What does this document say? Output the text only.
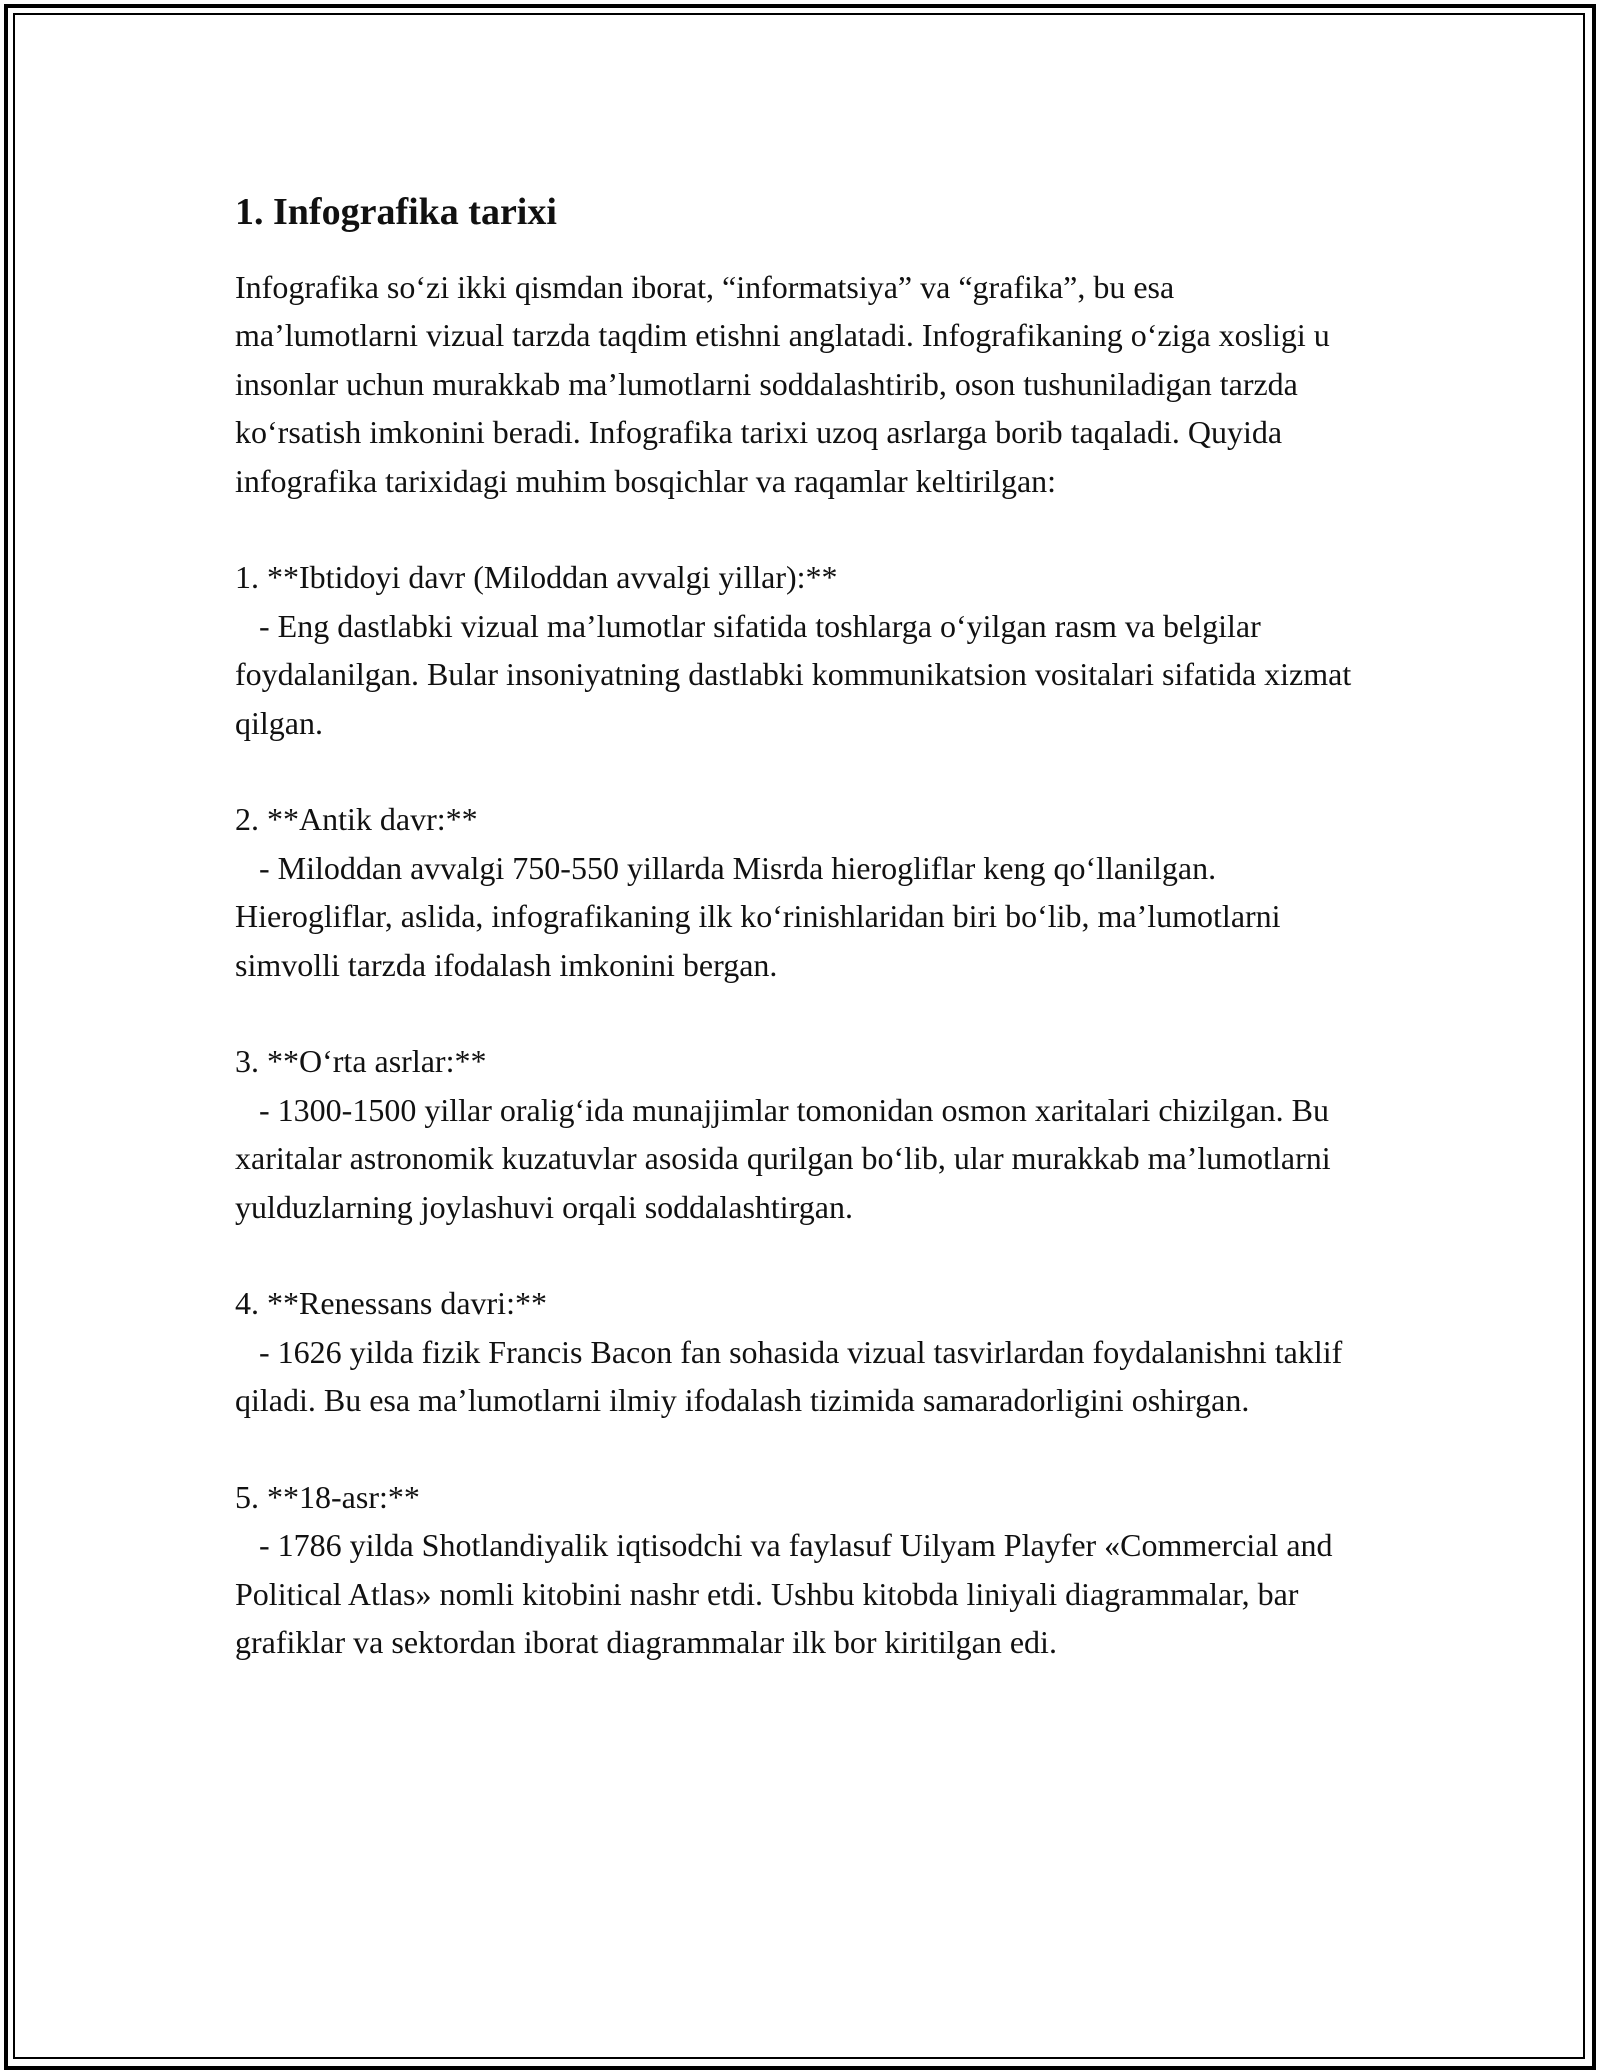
1. Infografika tarixi

Infografika so‘zi ikki qismdan iborat, “informatsiya” va “grafika”, bu esa ma’lumotlarni vizual tarzda taqdim etishni anglatadi. Infografikaning o‘ziga xosligi u insonlar uchun murakkab ma’lumotlarni soddalashtirib, oson tushuniladigan tarzda ko‘rsatish imkonini beradi. Infografika tarixi uzoq asrlarga borib taqaladi. Quyida infografika tarixidagi muhim bosqichlar va raqamlar keltirilgan:

1. **Ibtidoyi davr (Miloddan avvalgi yillar):**

- Eng dastlabki vizual ma’lumotlar sifatida toshlarga o‘yilgan rasm va belgilar foydalanilgan. Bular insoniyatning dastlabki kommunikatsion vositalari sifatida xizmat qilgan.

2. **Antik davr:**

- Miloddan avvalgi 750-550 yillarda Misrda hierogliflar keng qo‘llanilgan. Hierogliflar, aslida, infografikaning ilk ko‘rinishlaridan biri bo‘lib, ma’lumotlarni simvolli tarzda ifodalash imkonini bergan.

3. **O‘rta asrlar:**

- 1300-1500 yillar oralig‘ida munajjimlar tomonidan osmon xaritalari chizilgan. Bu xaritalar astronomik kuzatuvlar asosida qurilgan bo‘lib, ular murakkab ma’lumotlarni yulduzlarning joylashuvi orqali soddalashtirgan.

4. **Renessans davri:**

- 1626 yilda fizik Francis Bacon fan sohasida vizual tasvirlardan foydalanishni taklif qiladi. Bu esa ma’lumotlarni ilmiy ifodalash tizimida samaradorligini oshirgan.

5. **18-asr:**

- 1786 yilda Shotlandiyalik iqtisodchi va faylasuf Uilyam Playfer «Commercial and Political Atlas» nomli kitobini nashr etdi. Ushbu kitobda liniyali diagrammalar, bar grafiklar va sektordan iborat diagrammalar ilk bor kiritilgan edi.
